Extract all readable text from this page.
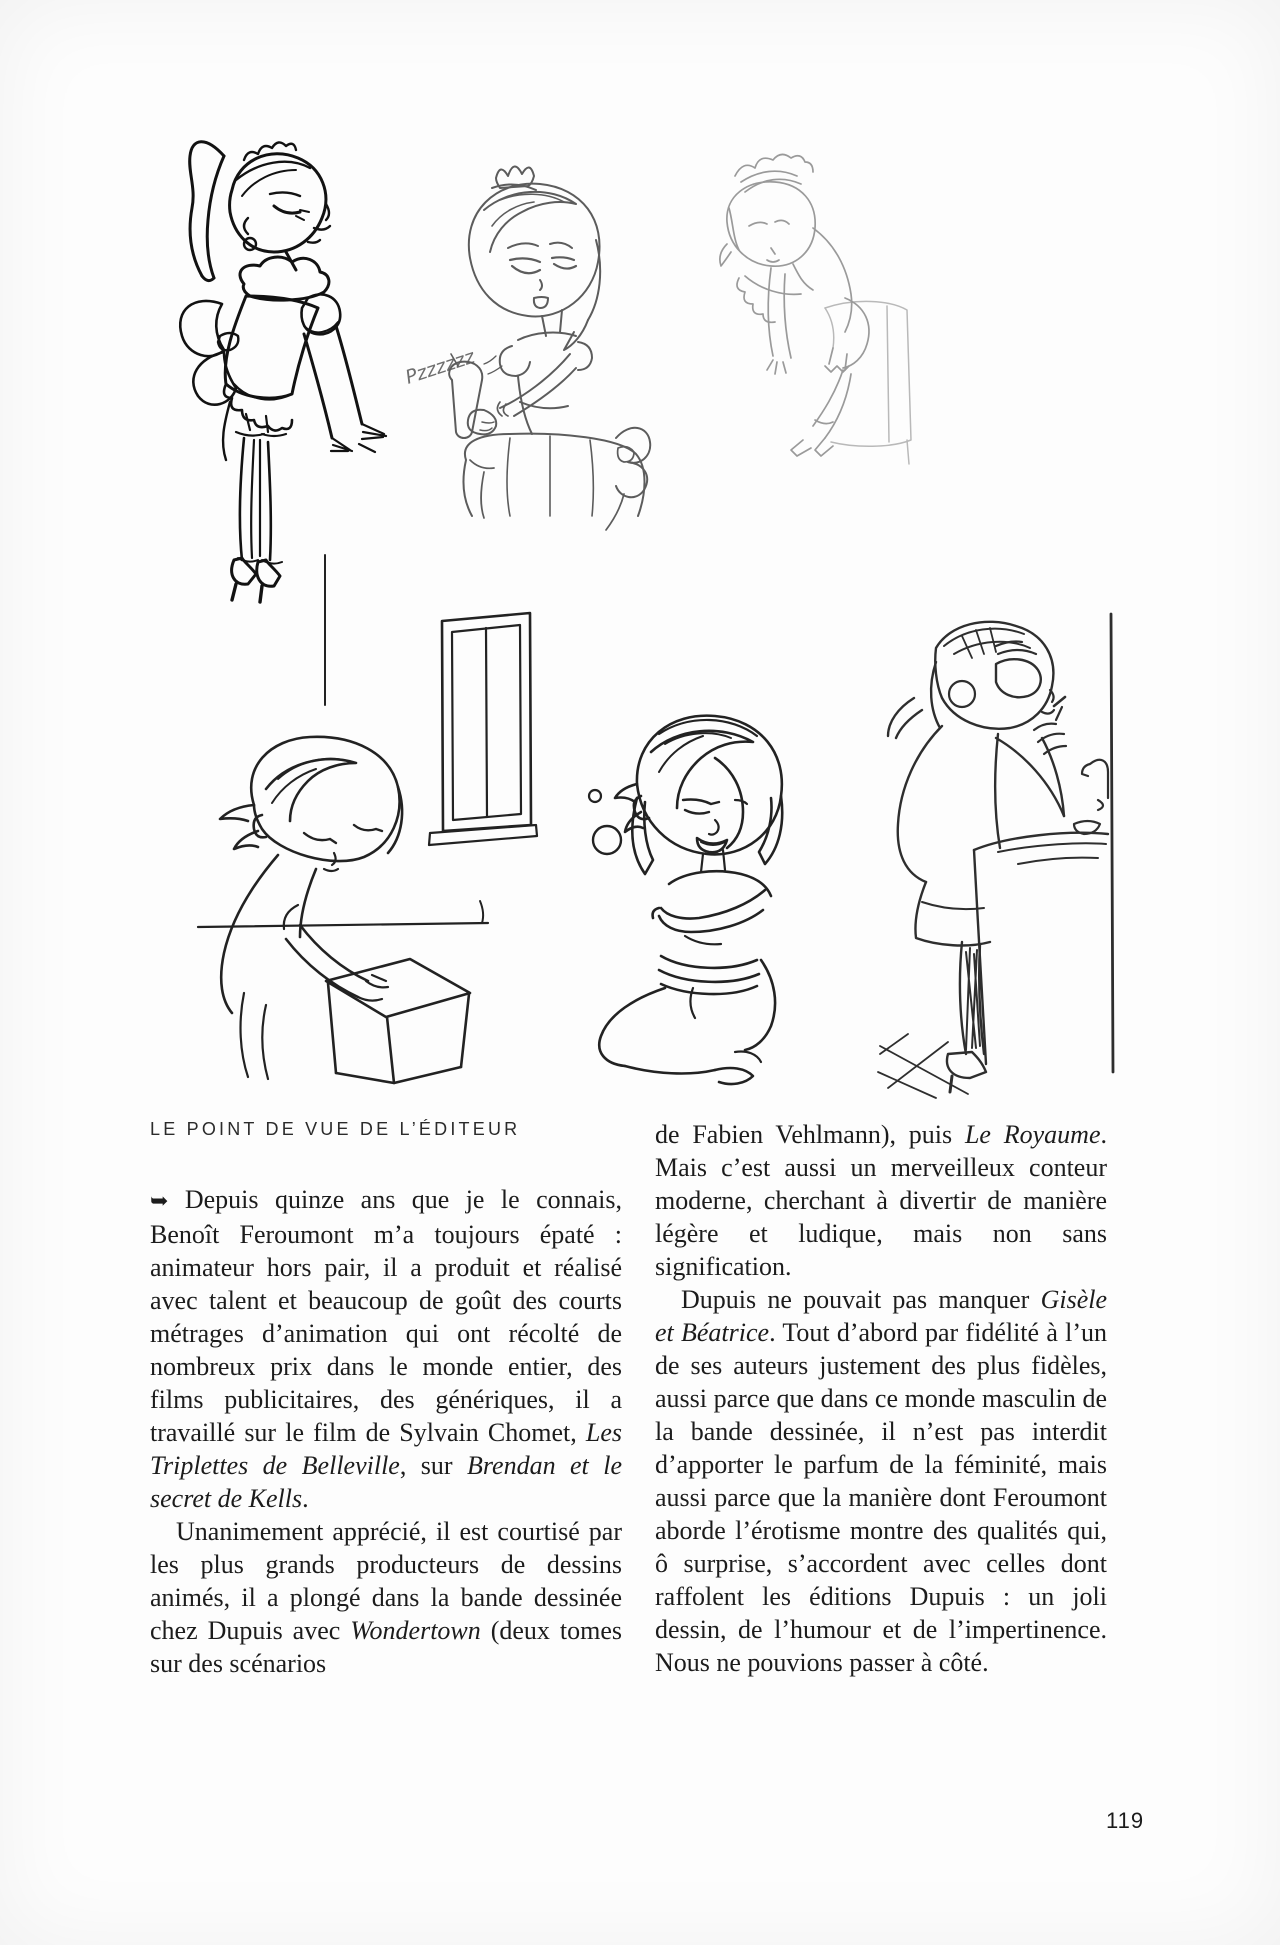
Pzzzzzz
LE POINT DE VUE DE L’ÉDITEUR

➥ Depuis quinze ans que je le connais, Benoît Feroumont m’a toujours épaté : animateur hors pair, il a produit et réalisé avec talent et beaucoup de goût des courts métrages d’animation qui ont récolté de nombreux prix dans le monde entier, des films publicitaires, des génériques, il a travaillé sur le film de Sylvain Chomet, Les Triplettes de Belleville, sur Brendan et le secret de Kells.

Unanimement apprécié, il est courtisé par les plus grands producteurs de dessins animés, il a plongé dans la bande dessinée chez Dupuis avec Wondertown (deux tomes sur des scénarios

de Fabien Vehlmann), puis Le Royaume. Mais c’est aussi un merveilleux conteur moderne, cherchant à divertir de manière légère et ludique, mais non sans signification.

Dupuis ne pouvait pas manquer Gisèle et Béatrice. Tout d’abord par fidélité à l’un de ses auteurs justement des plus fidèles, aussi parce que dans ce monde masculin de la bande dessinée, il n’est pas interdit d’apporter le parfum de la féminité, mais aussi parce que la manière dont Feroumont aborde l’érotisme montre des qualités qui, ô surprise, s’accordent avec celles dont raffolent les éditions Dupuis : un joli dessin, de l’humour et de l’impertinence. Nous ne pouvions passer à côté.

119
